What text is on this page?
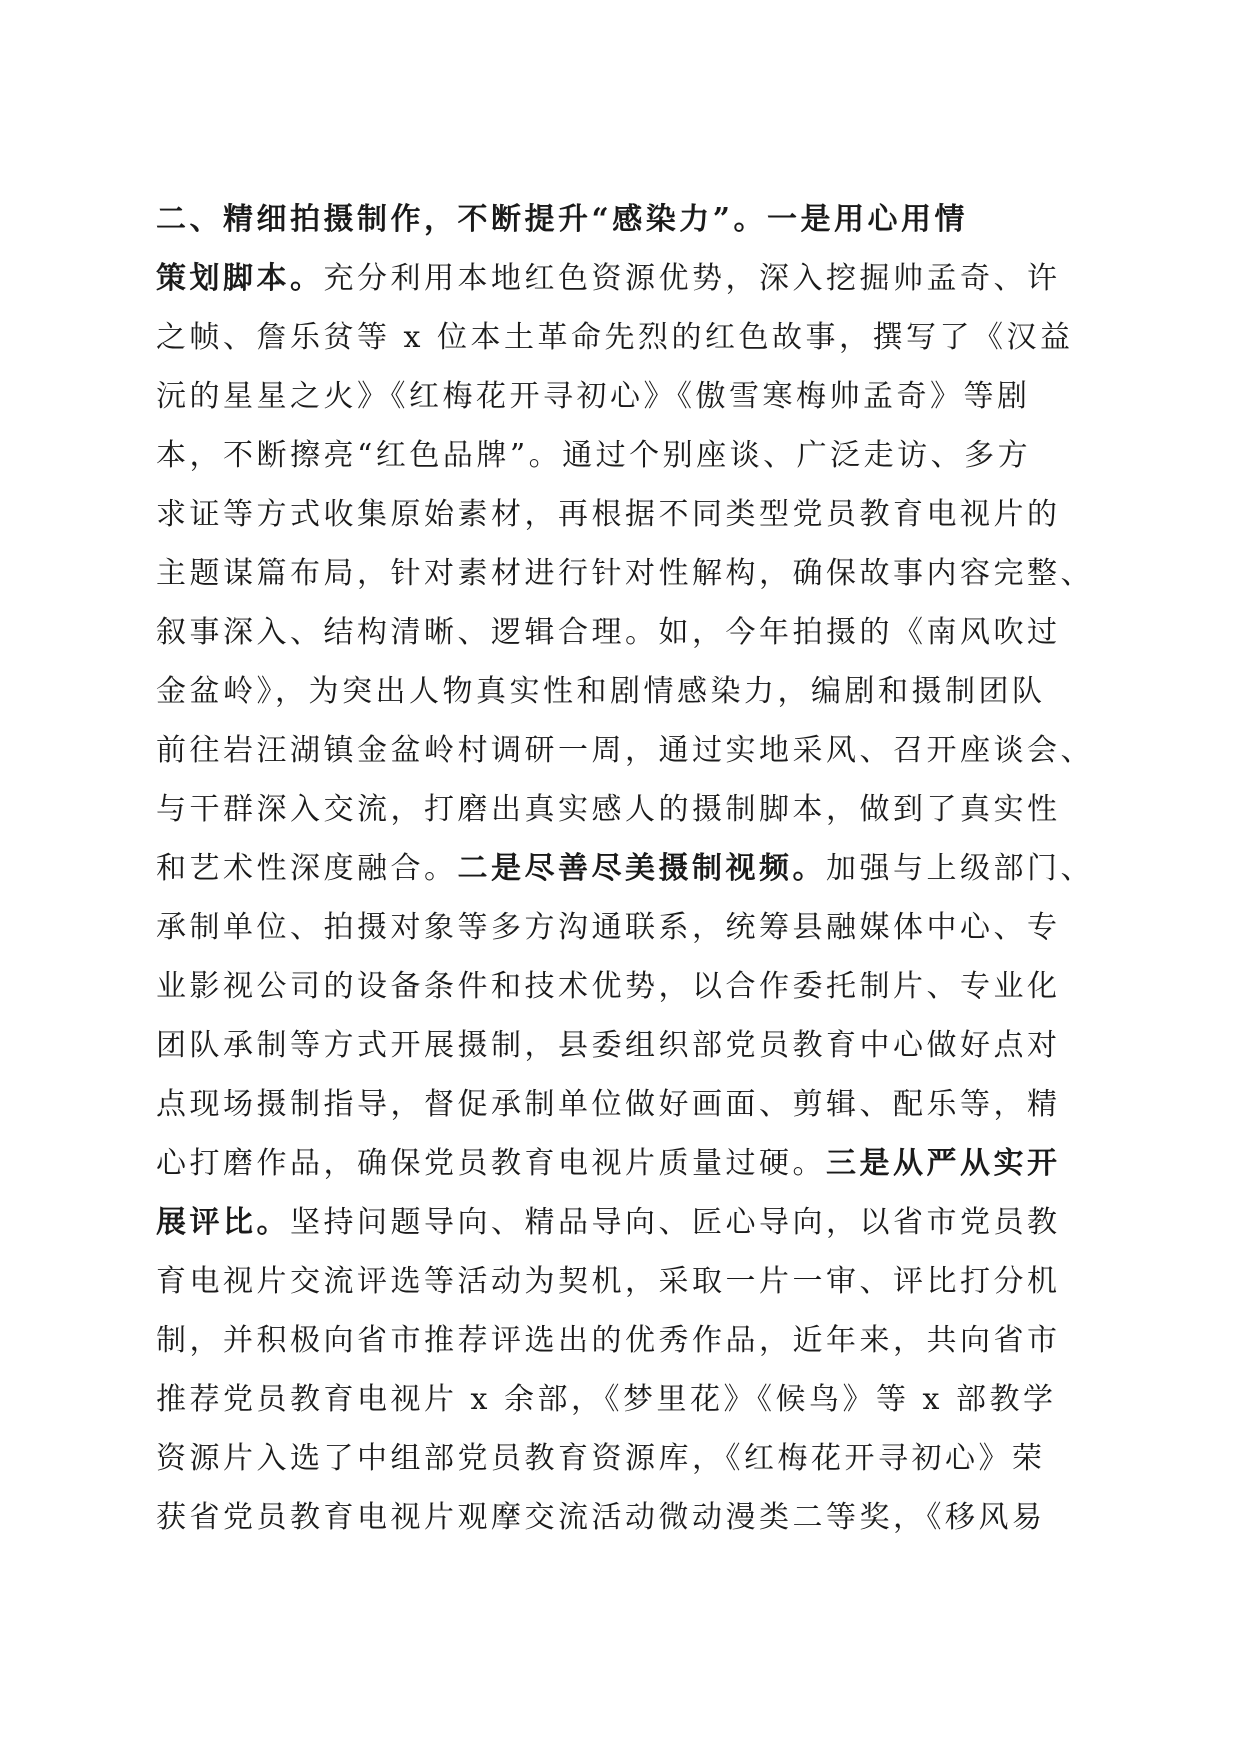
二、精细拍摄制作，不断提升“感染力”。一是用心用情
策划脚本。充分利用本地红色资源优势，深入挖掘帅孟奇、许
之帧、詹乐贫等 x 位本土革命先烈的红色故事，撰写了《汉益
沅的星星之火》《红梅花开寻初心》《傲雪寒梅帅孟奇》等剧
本，不断擦亮“红色品牌”。通过个别座谈、广泛走访、多方
求证等方式收集原始素材，再根据不同类型党员教育电视片的
主题谋篇布局，针对素材进行针对性解构，确保故事内容完整、
叙事深入、结构清晰、逻辑合理。如，今年拍摄的《南风吹过
金盆岭》，为突出人物真实性和剧情感染力，编剧和摄制团队
前往岩汪湖镇金盆岭村调研一周，通过实地采风、召开座谈会、
与干群深入交流，打磨出真实感人的摄制脚本，做到了真实性
和艺术性深度融合。二是尽善尽美摄制视频。加强与上级部门、
承制单位、拍摄对象等多方沟通联系，统筹县融媒体中心、专
业影视公司的设备条件和技术优势，以合作委托制片、专业化
团队承制等方式开展摄制，县委组织部党员教育中心做好点对
点现场摄制指导，督促承制单位做好画面、剪辑、配乐等，精
心打磨作品，确保党员教育电视片质量过硬。三是从严从实开
展评比。坚持问题导向、精品导向、匠心导向，以省市党员教
育电视片交流评选等活动为契机，采取一片一审、评比打分机
制，并积极向省市推荐评选出的优秀作品，近年来，共向省市
推荐党员教育电视片 x 余部，《梦里花》《候鸟》等 x 部教学
资源片入选了中组部党员教育资源库，《红梅花开寻初心》荣
获省党员教育电视片观摩交流活动微动漫类二等奖，《移风易
